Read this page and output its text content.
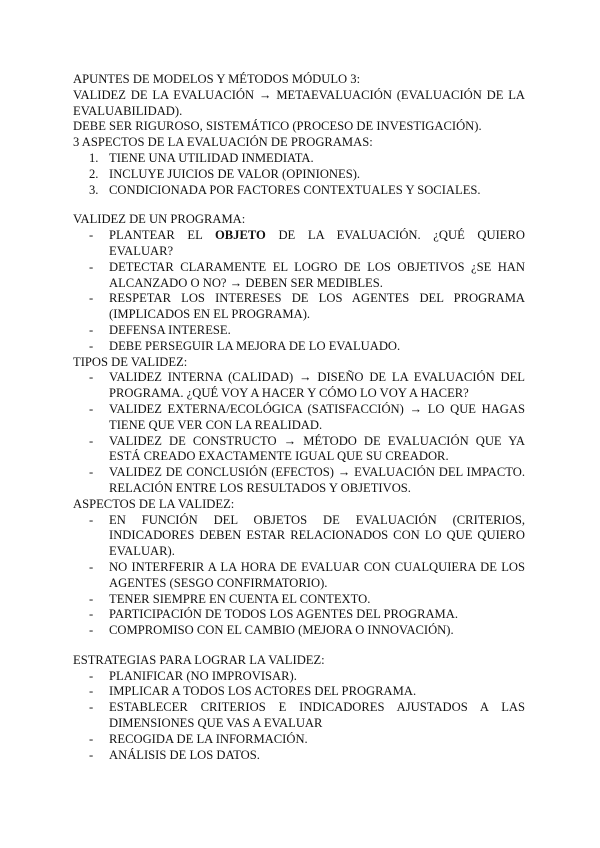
APUNTES DE MODELOS Y MÉTODOS MÓDULO 3:

VALIDEZ DE LA EVALUACIÓN → METAEVALUACIÓN (EVALUACIÓN DE LA EVALUABILIDAD).

DEBE SER RIGUROSO, SISTEMÁTICO (PROCESO DE INVESTIGACIÓN).

3 ASPECTOS DE LA EVALUACIÓN DE PROGRAMAS:

1. TIENE UNA UTILIDAD INMEDIATA.
2. INCLUYE JUICIOS DE VALOR (OPINIONES).
3. CONDICIONADA POR FACTORES CONTEXTUALES Y SOCIALES.

VALIDEZ DE UN PROGRAMA:

- PLANTEAR EL OBJETO DE LA EVALUACIÓN. ¿QUÉ QUIERO EVALUAR?
- DETECTAR CLARAMENTE EL LOGRO DE LOS OBJETIVOS ¿SE HAN ALCANZADO O NO? → DEBEN SER MEDIBLES.
- RESPETAR LOS INTERESES DE LOS AGENTES DEL PROGRAMA (IMPLICADOS EN EL PROGRAMA).
- DEFENSA INTERESE.
- DEBE PERSEGUIR LA MEJORA DE LO EVALUADO.

TIPOS DE VALIDEZ:

- VALIDEZ INTERNA (CALIDAD) → DISEÑO DE LA EVALUACIÓN DEL PROGRAMA. ¿QUÉ VOY A HACER Y CÓMO LO VOY A HACER?
- VALIDEZ EXTERNA/ECOLÓGICA (SATISFACCIÓN) → LO QUE HAGAS TIENE QUE VER CON LA REALIDAD.
- VALIDEZ DE CONSTRUCTO → MÉTODO DE EVALUACIÓN QUE YA ESTÁ CREADO EXACTAMENTE IGUAL QUE SU CREADOR.
- VALIDEZ DE CONCLUSIÓN (EFECTOS) → EVALUACIÓN DEL IMPACTO. RELACIÓN ENTRE LOS RESULTADOS Y OBJETIVOS.

ASPECTOS DE LA VALIDEZ:

- EN FUNCIÓN DEL OBJETOS DE EVALUACIÓN (CRITERIOS, INDICADORES DEBEN ESTAR RELACIONADOS CON LO QUE QUIERO EVALUAR).
- NO INTERFERIR A LA HORA DE EVALUAR CON CUALQUIERA DE LOS AGENTES (SESGO CONFIRMATORIO).
- TENER SIEMPRE EN CUENTA EL CONTEXTO.
- PARTICIPACIÓN DE TODOS LOS AGENTES DEL PROGRAMA.
- COMPROMISO CON EL CAMBIO (MEJORA O INNOVACIÓN).

ESTRATEGIAS PARA LOGRAR LA VALIDEZ:

- PLANIFICAR (NO IMPROVISAR).
- IMPLICAR A TODOS LOS ACTORES DEL PROGRAMA.
- ESTABLECER CRITERIOS E INDICADORES AJUSTADOS A LAS DIMENSIONES QUE VAS A EVALUAR
- RECOGIDA DE LA INFORMACIÓN.
- ANÁLISIS DE LOS DATOS.
